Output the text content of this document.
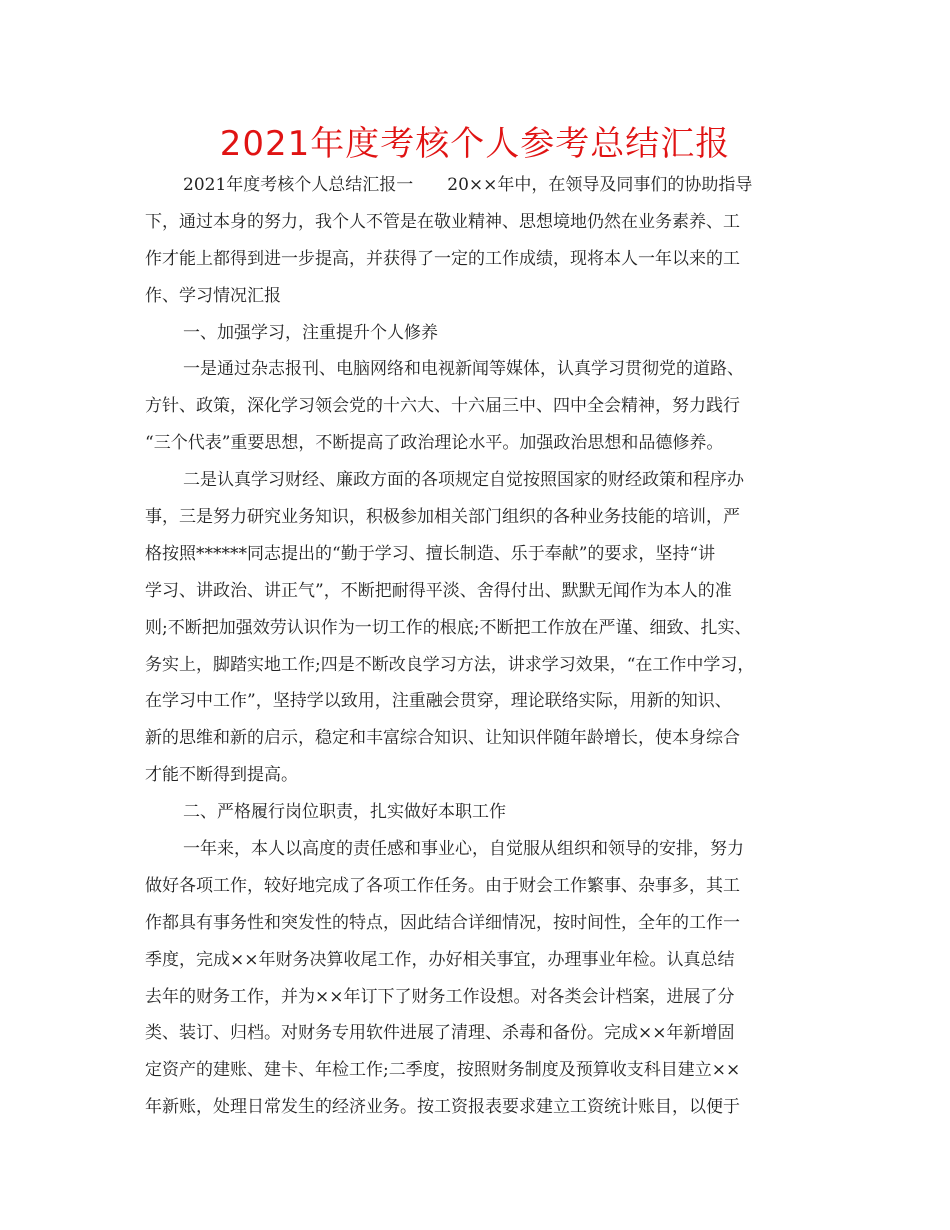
2021年度考核个人参考总结汇报
2021年度考核个人总结汇报一　　20××年中，在领导及同事们的协助指导
下，通过本身的努力，我个人不管是在敬业精神、思想境地仍然在业务素养、工
作才能上都得到进一步提高，并获得了一定的工作成绩，现将本人一年以来的工
作、学习情况汇报
一、加强学习，注重提升个人修养
一是通过杂志报刊、电脑网络和电视新闻等媒体，认真学习贯彻党的道路、
方针、政策，深化学习领会党的十六大、十六届三中、四中全会精神，努力践行
“三个代表”重要思想，不断提高了政治理论水平。加强政治思想和品德修养。
二是认真学习财经、廉政方面的各项规定自觉按照国家的财经政策和程序办
事，三是努力研究业务知识，积极参加相关部门组织的各种业务技能的培训，严
格按照******同志提出的“勤于学习、擅长制造、乐于奉献”的要求，坚持“讲
学习、讲政治、讲正气”，不断把耐得平淡、舍得付出、默默无闻作为本人的准
则;不断把加强效劳认识作为一切工作的根底;不断把工作放在严谨、细致、扎实、
务实上，脚踏实地工作;四是不断改良学习方法，讲求学习效果，“在工作中学习，
在学习中工作”，坚持学以致用，注重融会贯穿，理论联络实际，用新的知识、
新的思维和新的启示，稳定和丰富综合知识、让知识伴随年龄增长，使本身综合
才能不断得到提高。
二、严格履行岗位职责，扎实做好本职工作
一年来，本人以高度的责任感和事业心，自觉服从组织和领导的安排，努力
做好各项工作，较好地完成了各项工作任务。由于财会工作繁事、杂事多，其工
作都具有事务性和突发性的特点，因此结合详细情况，按时间性，全年的工作一
季度，完成××年财务决算收尾工作，办好相关事宜，办理事业年检。认真总结
去年的财务工作，并为××年订下了财务工作设想。对各类会计档案，进展了分
类、装订、归档。对财务专用软件进展了清理、杀毒和备份。完成××年新增固
定资产的建账、建卡、年检工作;二季度，按照财务制度及预算收支科目建立××
年新账，处理日常发生的经济业务。按工资报表要求建立工资统计账目，以便于
